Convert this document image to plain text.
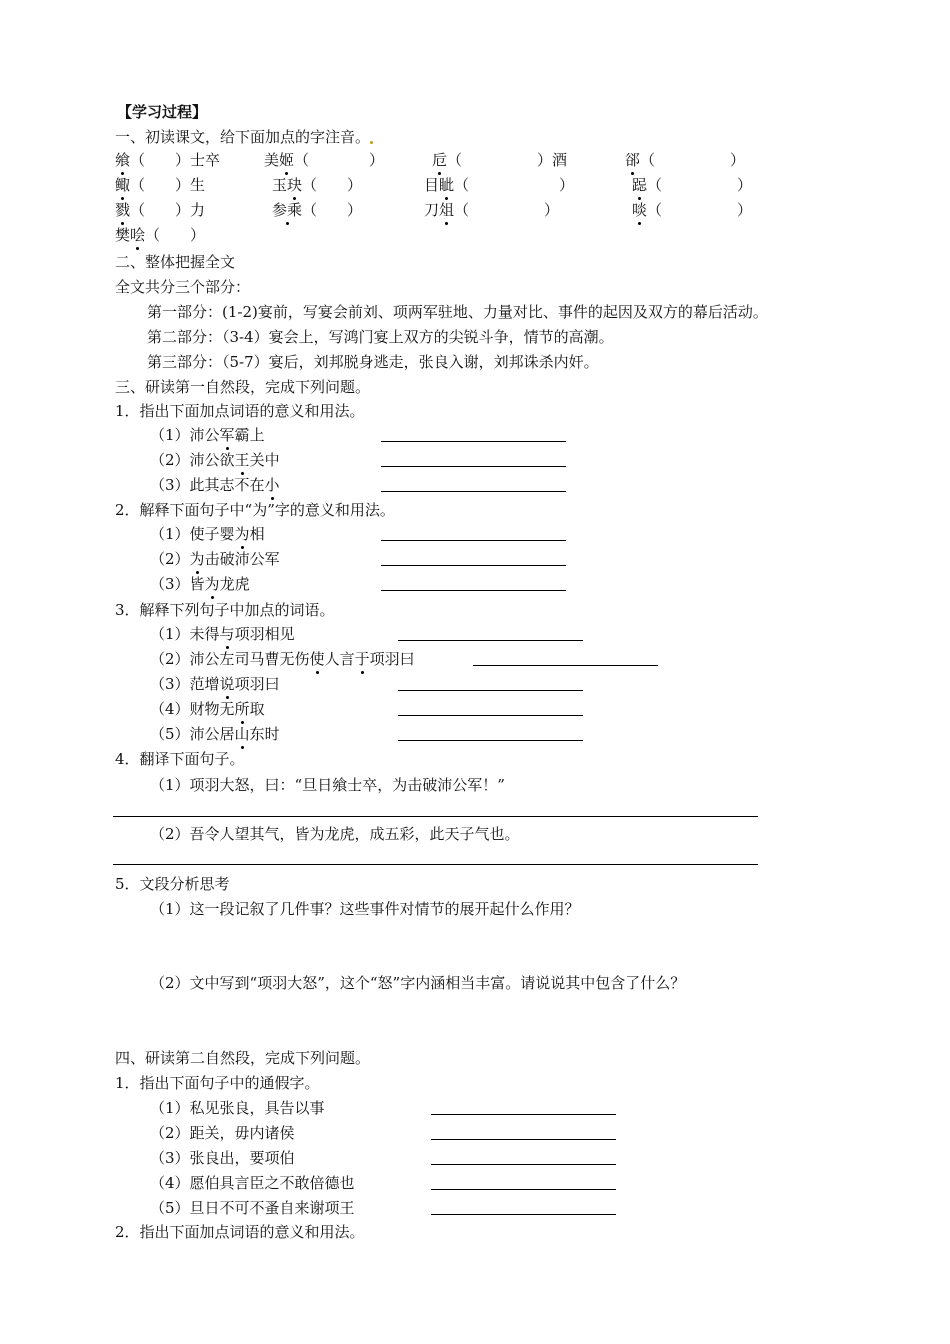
【学习过程】
一、初读课文，给下面加点的字注音。
二、整体把握全文
全文共分三个部分：
第一部分：(1-2)宴前，写宴会前刘、项两军驻地、力量对比、事件的起因及双方的幕后活动。
第二部分：（3-4）宴会上，写鸿门宴上双方的尖锐斗争，情节的高潮。
第三部分：（5-7）宴后，刘邦脱身逃走，张良入谢，刘邦诛杀内奸。
三、研读第一自然段，完成下列问题。
1．指出下面加点词语的意义和用法。
2．解释下面句子中“为”字的意义和用法。
3．解释下列句子中加点的词语。
4．翻译下面句子。
（1）项羽大怒，曰：“旦日飨士卒，为击破沛公军！”
（2）吾令人望其气，皆为龙虎，成五彩，此天子气也。
5．文段分析思考
（1）这一段记叙了几件事？这些事件对情节的展开起什么作用？
（2）文中写到“项羽大怒”，这个“怒”字内涵相当丰富。请说说其中包含了什么？
四、研读第二自然段，完成下列问题。
1．指出下面句子中的通假字。
2．指出下面加点词语的意义和用法。
飨（　　）士卒	美姬（　　　　）	卮（　　　　　）酒	郤（　　　　　）
鲰（　　）生	玉玦（　　）	目眦（　　　　　　）	跽（　　　　　）
戮（　　）力	参乘（　　）	刀俎（　　　　　）	啖（　　　　　）
樊哙（　　）
（1）沛公军霸上
（2）沛公欲王关中
（3）此其志不在小
（1）使子婴为相
（2）为击破沛公军
（3）皆为龙虎
（1）未得与项羽相见
（2）沛公左司马曹无伤使人言于项羽曰
（3）范增说项羽曰
（4）财物无所取
（5）沛公居山东时
（1）私见张良，具告以事
（2）距关，毋内诸侯
（3）张良出，要项伯
（4）愿伯具言臣之不敢倍德也
（5）旦日不可不蚤自来谢项王
